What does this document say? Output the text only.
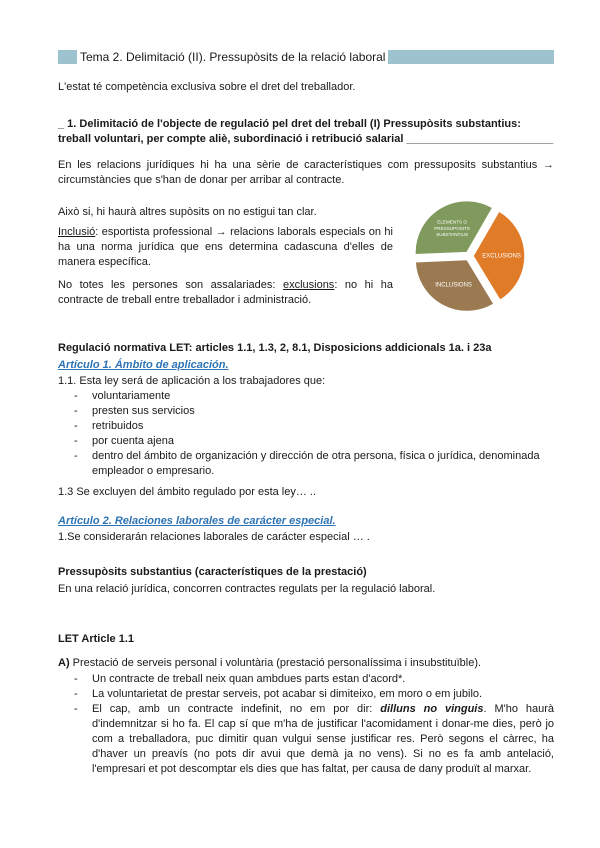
Tema 2. Delimitació (II). Pressupòsits de la relació laboral
L'estat té competència exclusiva sobre el dret del treballador.
_ 1. Delimitació de l'objecte de regulació pel dret del treball (I) Pressupòsits substantius:
treball voluntari, per compte aliè, subordinació i retribució salarial ________________________
En les relacions jurídiques hi ha una sèrie de característiques com pressuposits substantius → circumstàncies que s'han de donar per arribar al contracte.
Això si, hi haurà altres supòsits on no estigui tan clar.
Inclusió: esportista professional → relacions laborals especials on hi ha una norma jurídica que ens determina cadascuna d'elles de manera específica.
No totes les persones son assalariades: exclusions: no hi ha contracte de treball entre treballador i administració.
EXCLUSIONS
INCLUSIONS
ELEMENTS O PRESSUPOSITS SUBSTANTIUS
Regulació normativa LET: articles 1.1, 1.3, 2, 8.1, Disposicions addicionals 1a. i 23a
Artículo 1. Ámbito de aplicación.
1.1. Esta ley será de aplicación a los trabajadores que:
- voluntariamente
- presten sus servicios
- retribuidos
- por cuenta ajena
- dentro del ámbito de organización y dirección de otra persona, física o jurídica, denominada empleador o empresario.
1.3 Se excluyen del ámbito regulado por esta ley… ..
Artículo 2. Relaciones laborales de carácter especial.
1.Se considerarán relaciones laborales de carácter especial … .
Pressupòsits substantius (característiques de la prestació)
En una relació jurídica, concorren contractes regulats per la regulació laboral.
LET Article 1.1
A) Prestació de serveis personal i voluntària (prestació personalíssima i insubstituïble).
- Un contracte de treball neix quan ambdues parts estan d'acord*.
- La voluntarietat de prestar serveis, pot acabar si dimiteixo, em moro o em jubilo.
- El cap, amb un contracte indefinit, no em por dir: dilluns no vinguis. M'ho haurà d'indemnitzar si ho fa. El cap sí que m'ha de justificar l'acomidament i donar-me dies, però jo com a treballadora, puc dimitir quan vulgui sense justificar res. Però segons el càrrec, ha d'haver un preavís (no pots dir avui que demà ja no vens). Si no es fa amb antelació, l'empresari et pot descomptar els dies que has faltat, per causa de dany produït al marxar.
